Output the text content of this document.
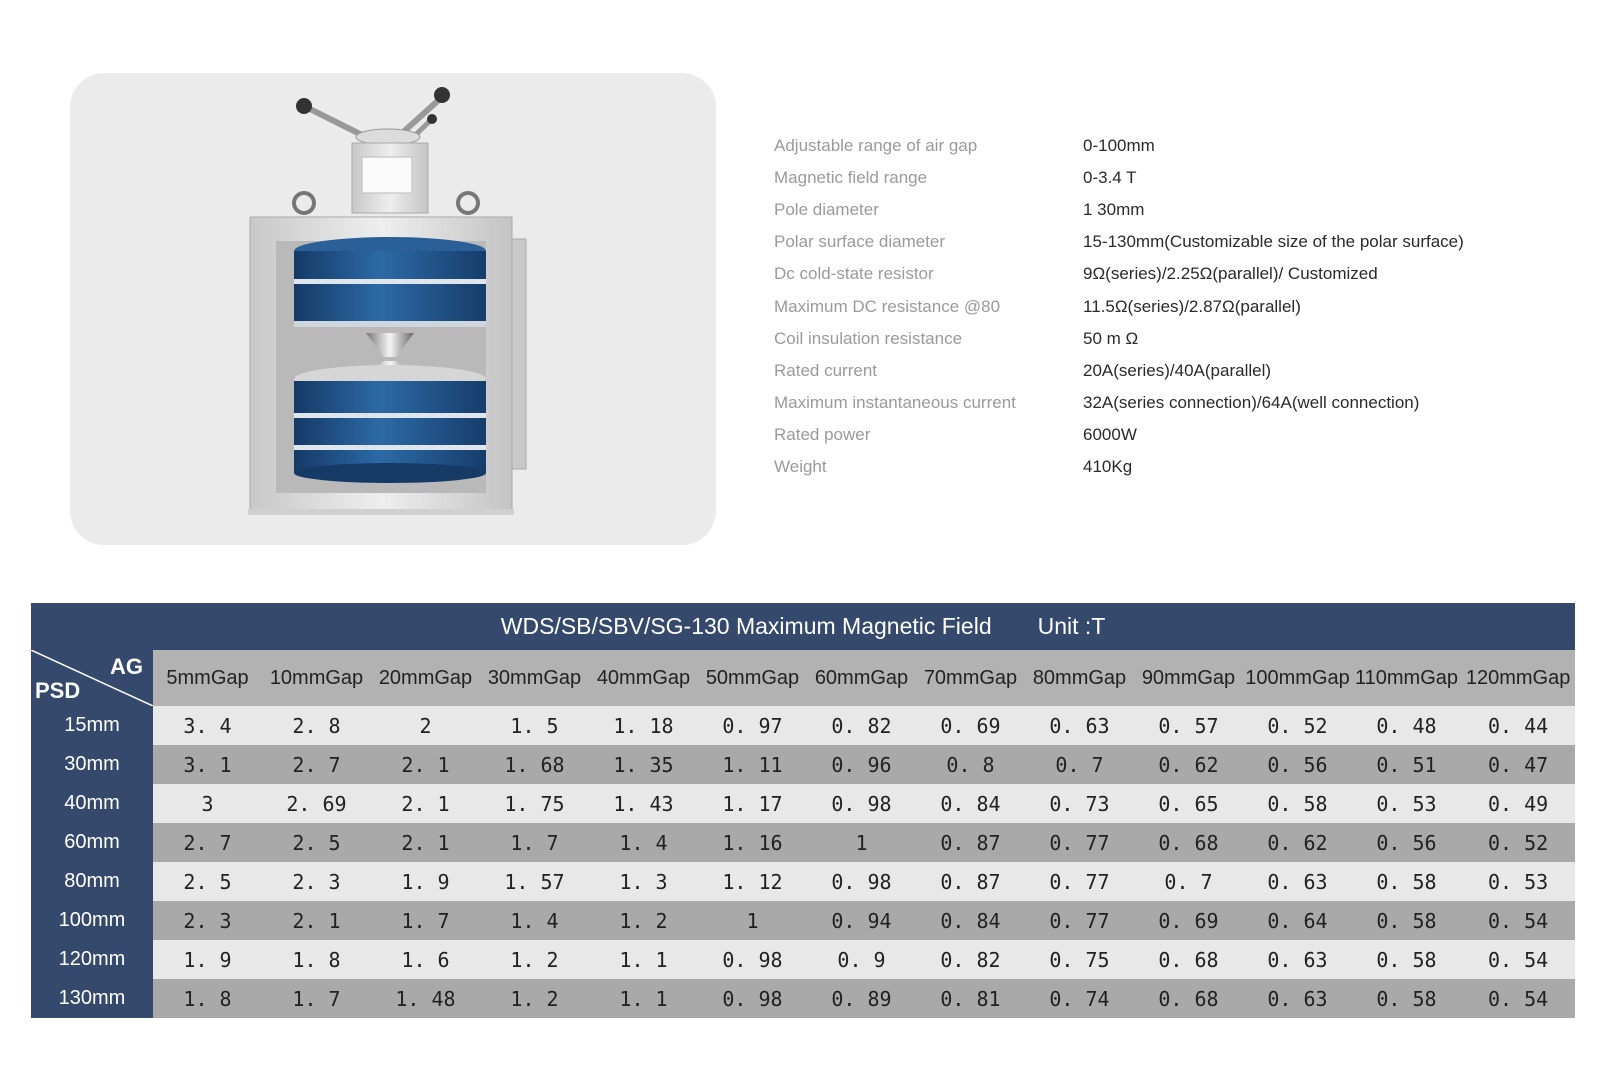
Adjustable range of air gap	0-100mm
Magnetic field range	0-3.4 T
Pole diameter	1 30mm
Polar surface diameter	15-130mm(Customizable size of the polar surface)
Dc cold-state resistor	9Ω(series)/2.25Ω(parallel)/ Customized
Maximum DC resistance @80	11.5Ω(series)/2.87Ω(parallel)
Coil insulation resistance	50 m Ω
Rated current	20A(series)/40A(parallel)
Maximum instantaneous current	32A(series connection)/64A(well connection)
Rated power	6000W
Weight	410Kg
WDS/SB/SBV/SG-130 Maximum Magnetic Field Unit :T													

AG
PSD	5mmGap	10mmGap	20mmGap	30mmGap	40mmGap	50mmGap	60mmGap	70mmGap	80mmGap	90mmGap	100mmGap	110mmGap	120mmGap
15mm	3. 4	2. 8	2	1. 5	1. 18	0. 97	0. 82	0. 69	0. 63	0. 57	0. 52	0. 48	0. 44
30mm	3. 1	2. 7	2. 1	1. 68	1. 35	1. 11	0. 96	0. 8	0. 7	0. 62	0. 56	0. 51	0. 47
40mm	3	2. 69	2. 1	1. 75	1. 43	1. 17	0. 98	0. 84	0. 73	0. 65	0. 58	0. 53	0. 49
60mm	2. 7	2. 5	2. 1	1. 7	1. 4	1. 16	1	0. 87	0. 77	0. 68	0. 62	0. 56	0. 52
80mm	2. 5	2. 3	1. 9	1. 57	1. 3	1. 12	0. 98	0. 87	0. 77	0. 7	0. 63	0. 58	0. 53
100mm	2. 3	2. 1	1. 7	1. 4	1. 2	1	0. 94	0. 84	0. 77	0. 69	0. 64	0. 58	0. 54
120mm	1. 9	1. 8	1. 6	1. 2	1. 1	0. 98	0. 9	0. 82	0. 75	0. 68	0. 63	0. 58	0. 54
130mm	1. 8	1. 7	1. 48	1. 2	1. 1	0. 98	0. 89	0. 81	0. 74	0. 68	0. 63	0. 58	0. 54
